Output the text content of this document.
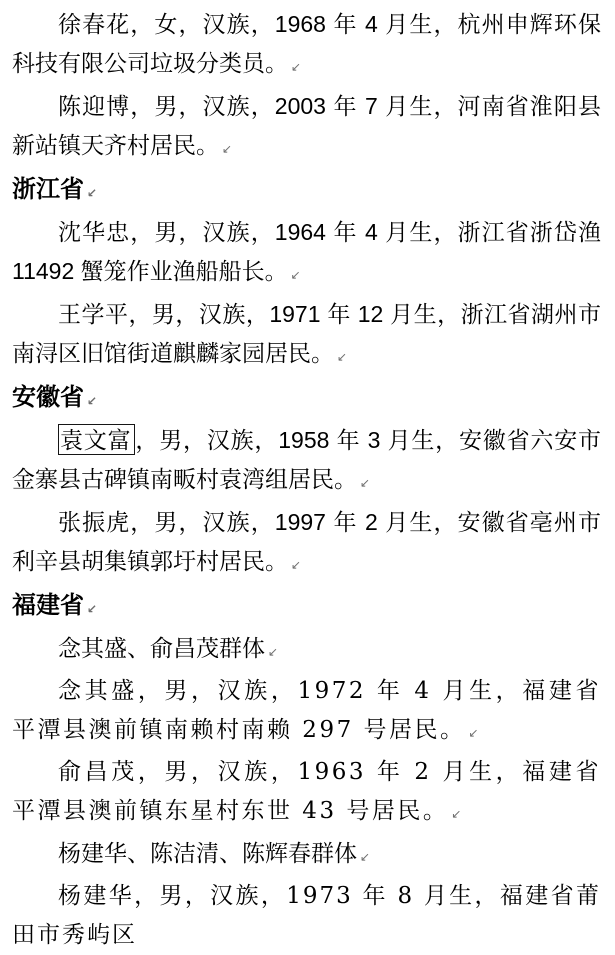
徐春花，女，汉族，1968 年 4 月生，杭州申辉环保科技有限公司垃圾分类员。 ↙

陈迎博，男，汉族，2003 年 7 月生，河南省淮阳县新站镇天齐村居民。 ↙

浙江省 ↙

沈华忠，男，汉族，1964 年 4 月生，浙江省浙岱渔 11492 蟹笼作业渔船船长。 ↙

王学平，男，汉族，1971 年 12 月生，浙江省湖州市南浔区旧馆街道麒麟家园居民。 ↙

安徽省 ↙

袁文富 ，男，汉族，1958 年 3 月生，安徽省六安市金寨县古碑镇南畈村袁湾组居民。 ↙

张振虎，男，汉族，1997 年 2 月生，安徽省亳州市利辛县胡集镇郭圩村居民。 ↙

福建省 ↙

念其盛、俞昌茂群体 ↙

念其盛，男，汉族，1972 年 4 月生，福建省平潭县澳前镇南赖村南赖 297 号居民。 ↙

俞昌茂，男，汉族，1963 年 2 月生，福建省平潭县澳前镇东星村东世 43 号居民。 ↙

杨建华、陈洁清、陈辉春群体 ↙

杨建华，男，汉族，1973 年 8 月生，福建省莆田市秀屿区
